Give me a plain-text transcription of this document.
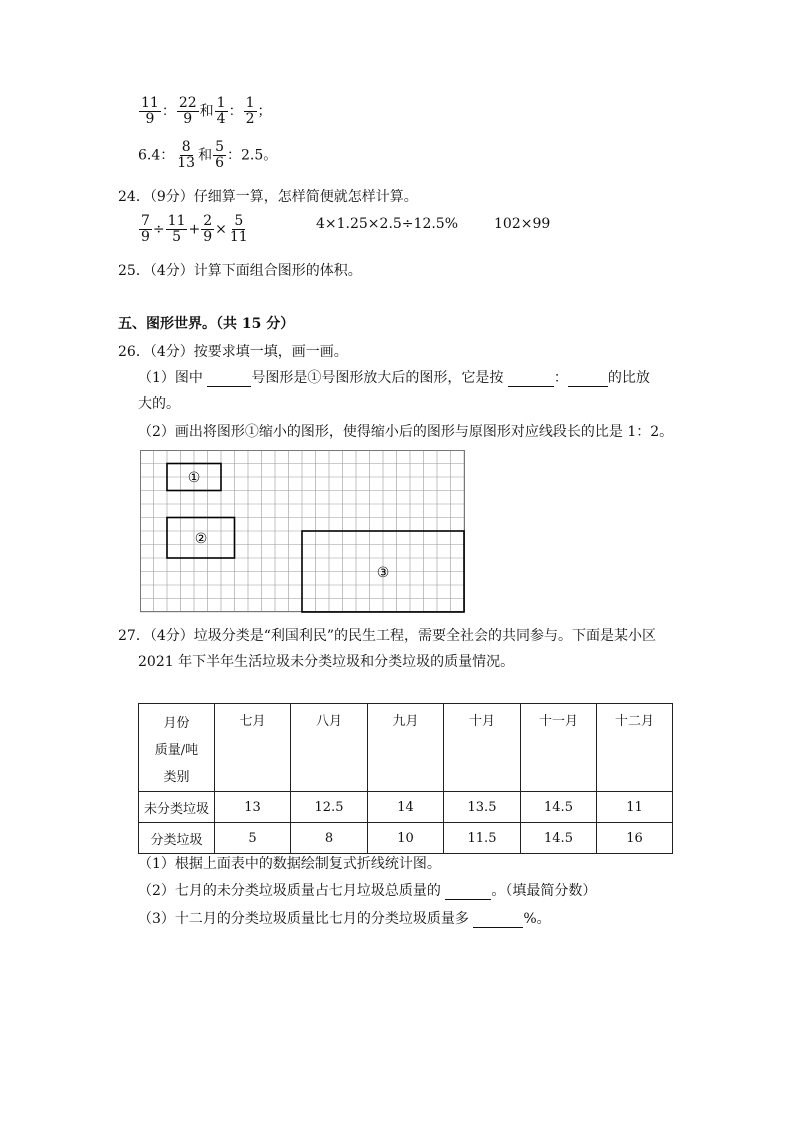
$\frac{11}{9}$ ： $\frac{22}{9}$ 和 $\frac{1}{4}$ ： $\frac{1}{2}$ ；
6.4： $\frac{8}{13}$ 和 $\frac{5}{6}$ ：2.5。
24．（9分）仔细算一算，怎样简便就怎样计算。
$\frac{7}{9} \div \frac{11}{5} + \frac{2}{9} \times \frac{5}{11}$	4×1.25×2.5÷12.5%	102×99
25．（4分）计算下面组合图形的体积。
五、图形世界。（共 15 分）
26．（4分）按要求填一填，画一画。
（1）图中	号图形是①号图形放大后的图形，它是按	：	的比放
大的。
（2）画出将图形①缩小的图形，使得缩小后的图形与原图形对应线段长的比是 1：2。
①
②
③
27．（4分）垃圾分类是“利国利民”的民生工程，需要全社会的共同参与。下面是某小区
2021 年下半年生活垃圾未分类垃圾和分类垃圾的质量情况。
月份
质量/吨
类别	七月	八月	九月	十月	十一月	十二月
未分类垃圾	13	12.5	14	13.5	14.5	11
分类垃圾	5	8	10	11.5	14.5	16
（1）根据上面表中的数据绘制复式折线统计图。
（2）七月的未分类垃圾质量占七月垃圾总质量的	。（填最简分数）
（3）十二月的分类垃圾质量比七月的分类垃圾质量多	%。
